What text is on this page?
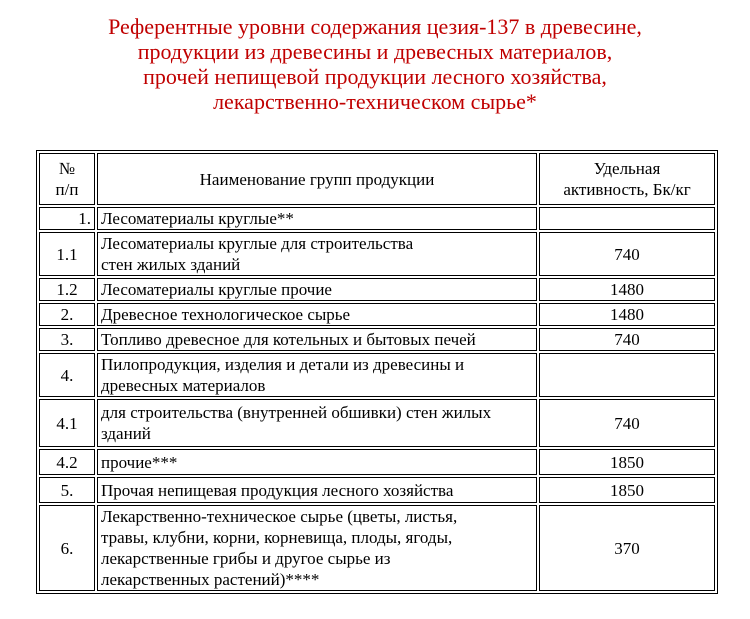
Референтные уровни содержания цезия-137 в древесине,
продукции из древесины и древесных материалов,
прочей непищевой продукции лесного хозяйства,
лекарственно-техническом сырье*
№
п/п	Наименование групп продукции	Удельная
активность, Бк/кг

1.	Лесоматериалы круглые**	

1.1	Лесоматериалы круглые для строительства
стен жилых зданий	740
1.2	Лесоматериалы круглые прочие	1480
2.	Древесное технологическое сырье	1480
3.	Топливо древесное для котельных и бытовых печей	740
4.	Пилопродукция, изделия и детали из древесины и
древесных материалов	

4.1	для строительства (внутренней обшивки) стен жилых
зданий	740
4.2	прочие***	1850
5.	Прочая непищевая продукция лесного хозяйства	1850
6.	Лекарственно-техническое сырье (цветы, листья,
травы, клубни, корни, корневища, плоды, ягоды,
лекарственные грибы и другое сырье из
лекарственных растений)****	370
